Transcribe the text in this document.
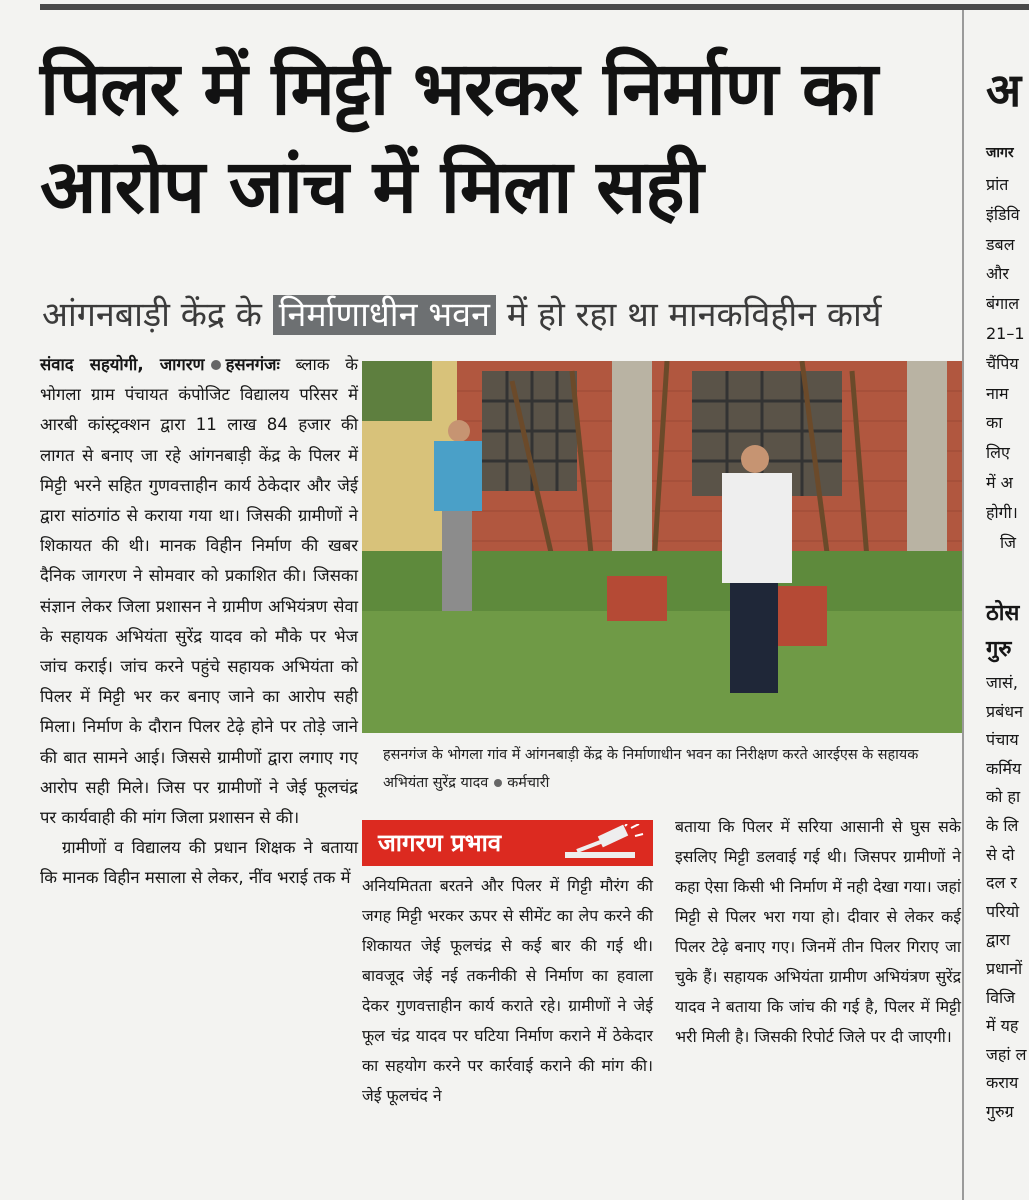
पिलर में मिट्टी भरकर निर्माण का आरोप जांच में मिला सही
आंगनबाड़ी केंद्र के निर्माणाधीन भवन में हो रहा था मानकविहीन कार्य

संवाद सहयोगी, जागरण हसनगंजः ब्लाक के भोगला ग्राम पंचायत कंपोजिट विद्यालय परिसर में आरबी कांस्ट्रक्शन द्वारा 11 लाख 84 हजार की लागत से बनाए जा रहे आंगनबाड़ी केंद्र के पिलर में मिट्टी भरने सहित गुणवत्ताहीन कार्य ठेकेदार और जेई द्वारा सांठगांठ से कराया गया था। जिसकी ग्रामीणों ने शिकायत की थी। मानक विहीन निर्माण की खबर दैनिक जागरण ने सोमवार को प्रकाशित की। जिसका संज्ञान लेकर जिला प्रशासन ने ग्रामीण अभियंत्रण सेवा के सहायक अभियंता सुरेंद्र यादव को मौके पर भेज जांच कराई। जांच करने पहुंचे सहायक अभियंता को पिलर में मिट्टी भर कर बनाए जाने का आरोप सही मिला। निर्माण के दौरान पिलर टेढ़े होने पर तोड़े जाने की बात सामने आई। जिससे ग्रामीणों द्वारा लगाए गए आरोप सही मिले। जिस पर ग्रामीणों ने जेई फूलचंद्र पर कार्यवाही की मांग जिला प्रशासन से की।

ग्रामीणों व विद्यालय की प्रधान शिक्षक ने बताया कि मानक विहीन मसाला से लेकर, नींव भराई तक में

हसनगंज के भोगला गांव में आंगनबाड़ी केंद्र के निर्माणाधीन भवन का निरीक्षण करते आरईएस के सहायक अभियंता सुरेंद्र यादव कर्मचारी
जागरण प्रभाव

अनियमितता बरतने और पिलर में गिट्टी मौरंग की जगह मिट्टी भरकर ऊपर से सीमेंट का लेप करने की शिकायत जेई फूलचंद्र से कई बार की गई थी। बावजूद जेई नई तकनीकी से निर्माण का हवाला देकर गुणवत्ताहीन कार्य कराते रहे। ग्रामीणों ने जेई फूल चंद्र यादव पर घटिया निर्माण कराने में ठेकेदार का सहयोग करने पर कार्रवाई कराने की मांग की। जेई फूलचंद ने

बताया कि पिलर में सरिया आसानी से घुस सके इसलिए मिट्टी डलवाई गई थी। जिसपर ग्रामीणों ने कहा ऐसा किसी भी निर्माण में नही देखा गया। जहां मिट्टी से पिलर भरा गया हो। दीवार से लेकर कई पिलर टेढ़े बनाए गए। जिनमें तीन पिलर गिराए जा चुके हैं। सहायक अभियंता ग्रामीण अभियंत्रण सुरेंद्र यादव ने बताया कि जांच की गई है, पिलर में मिट्टी भरी मिली है। जिसकी रिपोर्ट जिले पर दी जाएगी।

अ
जागर
प्रांत
इंडिवि
डबल
और
बंगाल
21–1
चैंपिय
नाम
का
लिए
में अ
होगी।
जि
ठोस
गुरु
जासं,
प्रबंधन
पंचाय
कर्मिय
को हा
के लि
से दो
दल र
परियो
द्वारा
प्रधानों
विजि
में यह
जहां ल
कराय
गुरुग्र
